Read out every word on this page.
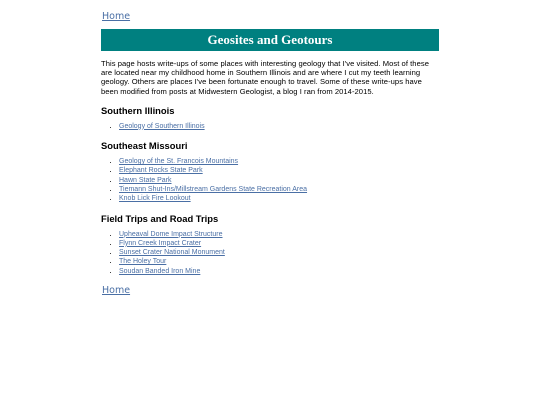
Home
Geosites and Geotours

This page hosts write-ups of some places with interesting geology that I've visited. Most of these are located near my childhood home in Southern Illinois and are where I cut my teeth learning geology. Others are places I've been fortunate enough to travel. Some of these write-ups have been modified from posts at Midwestern Geologist, a blog I ran from 2014-2015.

Southern Illinois
• Geology of Southern Illinois
Southeast Missouri
• Geology of the St. Francois Mountains
• Elephant Rocks State Park
• Hawn State Park
• Tiemann Shut-Ins/Millstream Gardens State Recreation Area
• Knob Lick Fire Lookout
Field Trips and Road Trips
• Upheaval Dome Impact Structure
• Flynn Creek Impact Crater
• Sunset Crater National Monument
• The Holey Tour
• Soudan Banded Iron Mine
Home
